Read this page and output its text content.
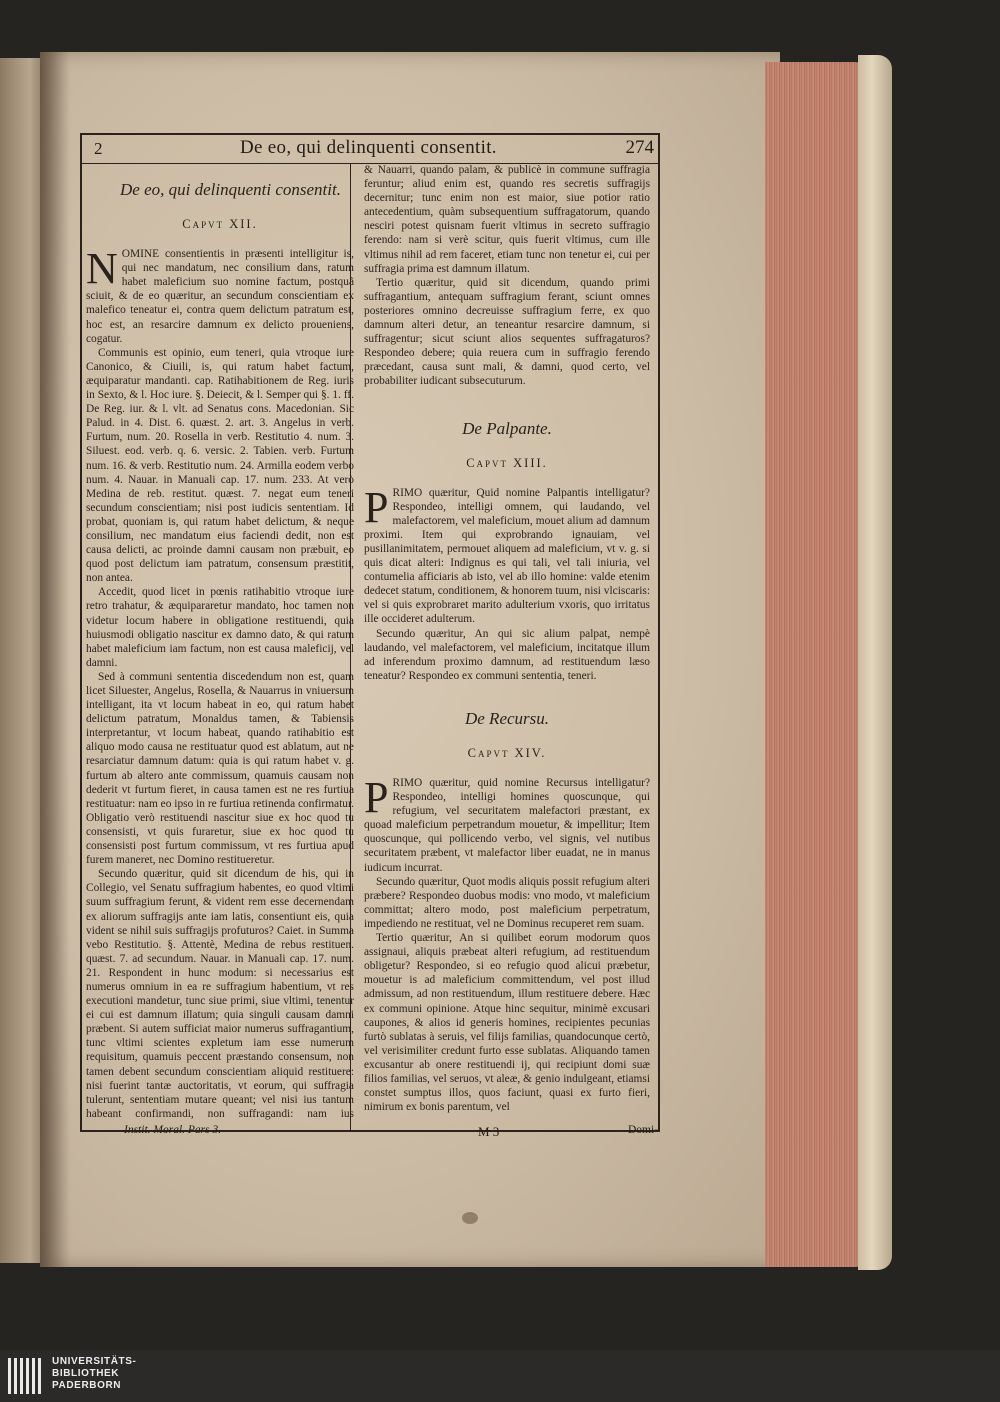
2	De eo, qui delinquenti consentit.	274
De eo, qui delinquenti consentit.
Capvt XII.

NOMINE consentientis in præsenti intelligitur is, qui nec mandatum, nec consilium dans, ratum habet maleficium suo nomine factum, postquã sciuit, & de eo quæritur, an secundum conscientiam ex malefico teneatur ei, contra quem delictum patratum est, hoc est, an resarcire damnum ex delicto proueniens, cogatur.

Communis est opinio, eum teneri, quia vtroque iure Canonico, & Ciuili, is, qui ratum habet factum, æquiparatur mandanti. cap. Ratihabitionem de Reg. iuris in Sexto, & l. Hoc iure. §. Deiecit, & l. Semper qui §. 1. ff. De Reg. iur. & l. vlt. ad Senatus cons. Macedonian. Sic Palud. in 4. Dist. 6. quæst. 2. art. 3. Angelus in verb. Furtum, num. 20. Rosella in verb. Restitutio 4. num. 3. Siluest. eod. verb. q. 6. versic. 2. Tabien. verb. Furtum num. 16. & verb. Restitutio num. 24. Armilla eodem verbo num. 4. Nauar. in Manuali cap. 17. num. 233. At verò Medina de reb. restitut. quæst. 7. negat eum teneri secundum conscientiam; nisi post iudicis sententiam. Id probat, quoniam is, qui ratum habet delictum, & neque consilium, nec mandatum eius faciendi dedit, non est causa delicti, ac proinde damni causam non præbuit, eo quod post delictum iam patratum, consensum præstitit, non antea.

Accedit, quod licet in pœnis ratihabitio vtroque iure retro trahatur, & æquipararetur mandato, hoc tamen non videtur locum habere in obligatione restituendi, quia huiusmodi obligatio nascitur ex damno dato, & qui ratum habet maleficium iam factum, non est causa maleficij, vel damni.

Sed à communi sententia discedendum non est, quam licet Siluester, Angelus, Rosella, & Nauarrus in vniuersum intelligant, ita vt locum habeat in eo, qui ratum habet delictum patratum, Monaldus tamen, & Tabiensis interpretantur, vt locum habeat, quando ratihabitio est aliquo modo causa ne restituatur quod est ablatum, aut ne resarciatur damnum datum: quia is qui ratum habet v. g. furtum ab altero ante commissum, quamuis causam non dederit vt furtum fieret, in causa tamen est ne res furtiua restituatur: nam eo ipso in re furtiua retinenda confirmatur. Obligatio verò restituendi nascitur siue ex hoc quod tu consensisti, vt quis furaretur, siue ex hoc quod tu consensisti post furtum commissum, vt res furtiua apud furem maneret, nec Domino restitueretur.

Secundo quæritur, quid sit dicendum de his, qui in Collegio, vel Senatu suffragium habentes, eo quod vltimi suum suffragium ferunt, & vident rem esse decernendam ex aliorum suffragijs ante iam latis, consentiunt eis, quia vident se nihil suis suffragijs profuturos? Caiet. in Summa vebo Restitutio. §. Attentè, Medina de rebus restituen. quæst. 7. ad secundum. Nauar. in Manuali cap. 17. num. 21. Respondent in hunc modum: si necessarius est numerus omnium in ea re suffragium habentium, vt res executioni mandetur, tunc siue primi, siue vltimi, tenentur ei cui est damnum illatum; quia singuli causam damni præbent. Si autem sufficiat maior numerus suffragantium, tunc vltimi scientes expletum iam esse numerum requisitum, quamuis peccent præstando consensum, non tamen debent secundum conscientiam aliquid restituere: nisi fuerint tantæ auctoritatis, vt eorum, qui suffragia tulerunt, sententiam mutare queant; vel nisi ius tantum habeant confirmandi, non suffragandi: nam ius

& Nauarri, quando palam, & publicè in commune suffragia feruntur; aliud enim est, quando res secretis suffragijs decernitur; tunc enim non est maior, siue potior ratio antecedentium, quàm subsequentium suffragatorum, quando nesciri potest quisnam fuerit vltimus in secreto suffragio ferendo: nam si verè scitur, quis fuerit vltimus, cum ille vltimus nihil ad rem faceret, etiam tunc non tenetur ei, cui per suffragia prima est damnum illatum.

Tertio quæritur, quid sit dicendum, quando primi suffragantium, antequam suffragium ferant, sciunt omnes posteriores omnino decreuisse suffragium ferre, ex quo damnum alteri detur, an teneantur resarcire damnum, si suffragentur; sicut sciunt alios sequentes suffragaturos? Respondeo debere; quia reuera cum in suffragio ferendo præcedant, causa sunt mali, & damni, quod certo, vel probabiliter iudicant subsecuturum.

De Palpante.
Capvt XIII.

PRIMO quæritur, Quid nomine Palpantis intelligatur? Respondeo, intelligi omnem, qui laudando, vel malefactorem, vel maleficium, mouet alium ad damnum proximi. Item qui exprobrando ignauiam, vel pusillanimitatem, permouet aliquem ad maleficium, vt v. g. si quis dicat alteri: Indignus es qui tali, vel tali iniuria, vel contumelia afficiaris ab isto, vel ab illo homine: valde etenim dedecet statum, conditionem, & honorem tuum, nisi vlciscaris: vel si quis exprobraret marito adulterium vxoris, quo irritatus ille occideret adulterum.

Secundo quæritur, An qui sic alium palpat, nempè laudando, vel malefactorem, vel maleficium, incitatque illum ad inferendum proximo damnum, ad restituendum læso teneatur? Respondeo ex communi sententia, teneri.

De Recursu.
Capvt XIV.

PRIMO quæritur, quid nomine Recursus intelligatur? Respondeo, intelligi homines quoscunque, qui refugium, vel securitatem malefactori præstant, ex quoad maleficium perpetrandum mouetur, & impellitur; Item quoscunque, qui pollicendo verbo, vel signis, vel nutibus securitatem præbent, vt malefactor liber euadat, ne in manus iudicum incurrat.

Secundo quæritur, Quot modis aliquis possit refugium alteri præbere? Respondeo duobus modis: vno modo, vt maleficium committat; altero modo, post maleficium perpetratum, impediendo ne restituat, vel ne Dominus recuperet rem suam.

Tertio quæritur, An si quilibet eorum modorum quos assignaui, aliquis præbeat alteri refugium, ad restituendum obligetur? Respondeo, si eo refugio quod alicui præbetur, mouetur is ad maleficium committendum, vel post illud admissum, ad non restituendum, illum restituere debere. Hæc ex communi opinione. Atque hinc sequitur, minimè excusari caupones, & alios id generis homines, recipientes pecunias furtò sublatas à seruis, vel filijs familias, quandocunque certò, vel verisimiliter credunt furto esse sublatas. Aliquando tamen excusantur ab onere restituendi ij, qui recipiunt domi suæ filios familias, vel seruos, vt aleæ, & genio indulgeant, etiamsi constet sumptus illos, quos faciunt, quasi ex furto fieri, nimirum ex bonis parentum, vel

Instit. Moral. Pars 3.	M 3	Domi-
UNIVERSITÄTS-
BIBLIOTHEK
PADERBORN
